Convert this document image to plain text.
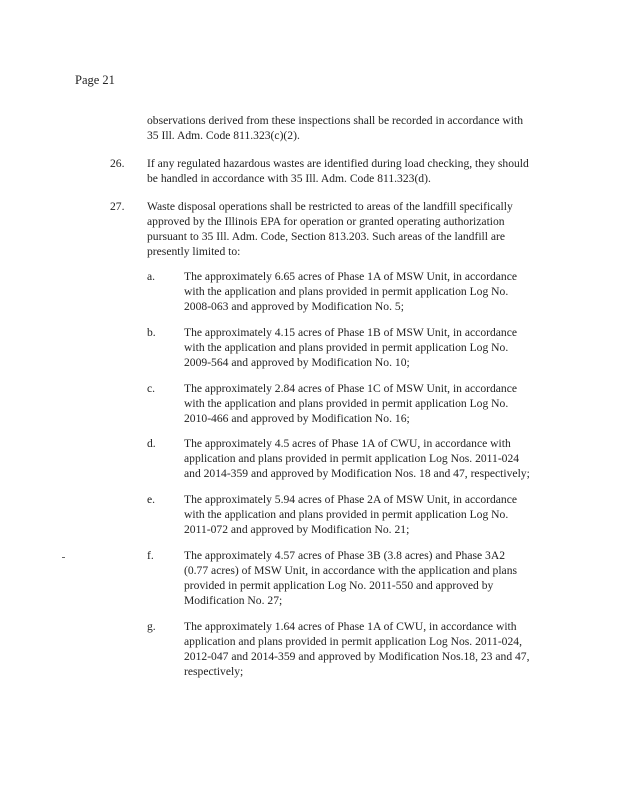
Page 21
observations derived from these inspections shall be recorded in accordance with
35 Ill. Adm. Code 811.323(c)(2).
26. If any regulated hazardous wastes are identified during load checking, they should
be handled in accordance with 35 Ill. Adm. Code 811.323(d).
27. Waste disposal operations shall be restricted to areas of the landfill specifically
approved by the Illinois EPA for operation or granted operating authorization
pursuant to 35 Ill. Adm. Code, Section 813.203. Such areas of the landfill are
presently limited to:
a. The approximately 6.65 acres of Phase 1A of MSW Unit, in accordance
with the application and plans provided in permit application Log No.
2008-063 and approved by Modification No. 5;
b. The approximately 4.15 acres of Phase 1B of MSW Unit, in accordance
with the application and plans provided in permit application Log No.
2009-564 and approved by Modification No. 10;
c. The approximately 2.84 acres of Phase 1C of MSW Unit, in accordance
with the application and plans provided in permit application Log No.
2010-466 and approved by Modification No. 16;
d. The approximately 4.5 acres of Phase 1A of CWU, in accordance with
application and plans provided in permit application Log Nos. 2011-024
and 2014-359 and approved by Modification Nos. 18 and 47, respectively;
e. The approximately 5.94 acres of Phase 2A of MSW Unit, in accordance
with the application and plans provided in permit application Log No.
2011-072 and approved by Modification No. 21;
f.	The approximately 4.57 acres of Phase 3B (3.8 acres) and Phase 3A2
(0.77 acres) of MSW Unit, in accordance with the application and plans
provided in permit application Log No. 2011-550 and approved by
Modification No. 27;
g. The approximately 1.64 acres of Phase 1A of CWU, in accordance with
application and plans provided in permit application Log Nos. 2011-024,
2012-047 and 2014-359 and approved by Modification Nos.18, 23 and 47,
respectively;
